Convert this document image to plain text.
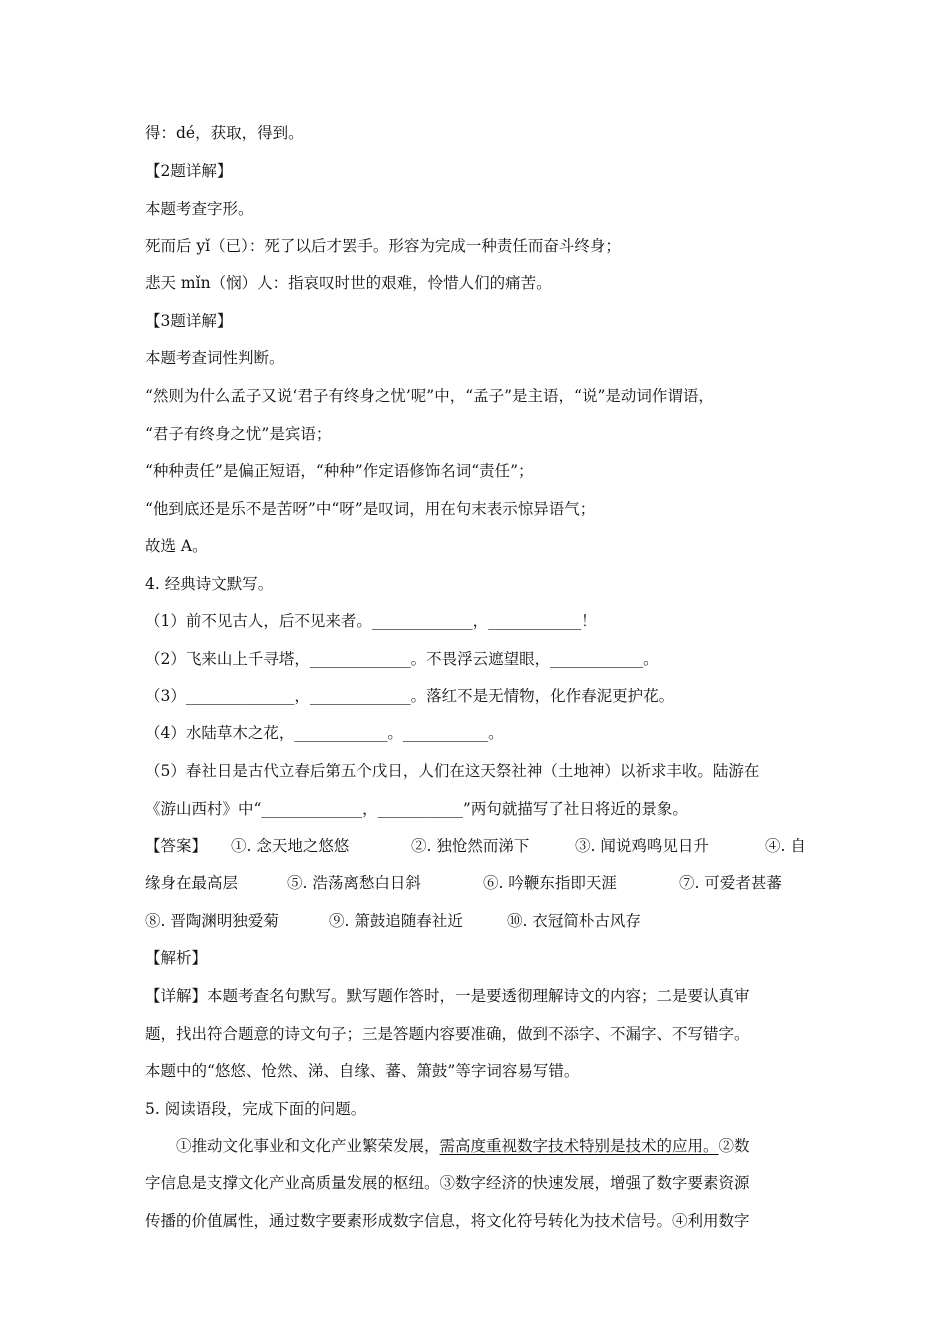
得：dé，获取，得到。

【2题详解】

本题考查字形。

死而后 yǐ（已）：死了以后才罢手。形容为完成一种责任而奋斗终身；

悲天 mǐn（悯）人：指哀叹时世的艰难，怜惜人们的痛苦。

【3题详解】

本题考查词性判断。

“然则为什么孟子又说‘君子有终身之忧’呢”中，“孟子”是主语，“说”是动词作谓语，

“君子有终身之忧”是宾语；

“种种责任”是偏正短语，“种种”作定语修饰名词“责任”；

“他到底还是乐不是苦呀”中“呀”是叹词，用在句末表示惊异语气；

故选 A。

4. 经典诗文默写。

（1）前不见古人，后不见来者。_____________，____________！

（2）飞来山上千寻塔，_____________。不畏浮云遮望眼，____________。

（3）______________，_____________。落红不是无情物，化作春泥更护花。

（4）水陆草木之花，____________。___________。

（5）春社日是古代立春后第五个戊日，人们在这天祭社神（土地神）以祈求丰收。陆游在

《游山西村》中“_____________，___________”两句就描写了社日将近的景象。

【答案】 ①. 念天地之悠悠	②. 独怆然而涕下	③. 闻说鸡鸣见日升	④. 自
缘身在最高层	⑤. 浩荡离愁白日斜	⑥. 吟鞭东指即天涯	⑦. 可爱者甚蕃
⑧. 晋陶渊明独爱菊	⑨. 箫鼓追随春社近	⑩. 衣冠简朴古风存

【解析】

【详解】本题考查名句默写。默写题作答时，一是要透彻理解诗文的内容；二是要认真审

题，找出符合题意的诗文句子；三是答题内容要准确，做到不添字、不漏字、不写错字。

本题中的“悠悠、怆然、涕、自缘、蕃、箫鼓”等字词容易写错。

5. 阅读语段，完成下面的问题。

①推动文化事业和文化产业繁荣发展，需高度重视数字技术特别是技术的应用。②数

字信息是支撑文化产业高质量发展的枢纽。③数字经济的快速发展，增强了数字要素资源

传播的价值属性，通过数字要素形成数字信息，将文化符号转化为技术信号。④利用数字
